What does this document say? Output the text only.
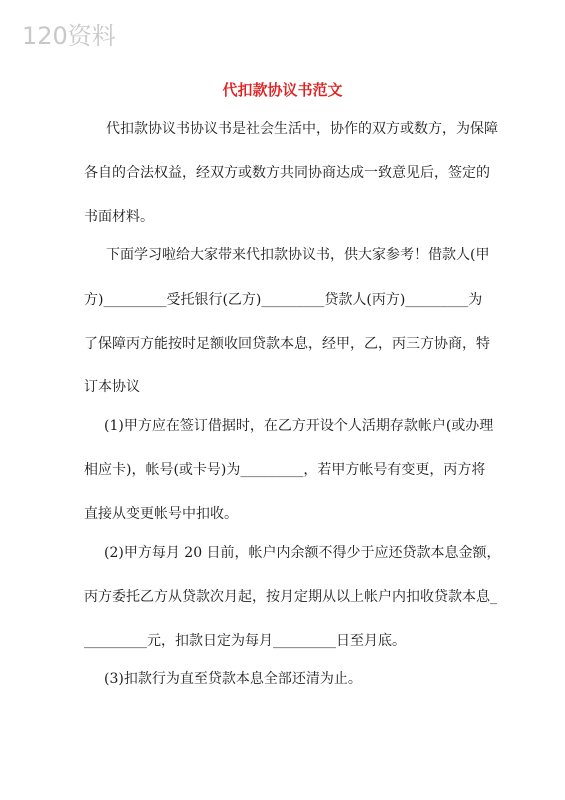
120资料
代扣款协议书范文
代扣款协议书协议书是社会生活中，协作的双方或数方，为保障
各自的合法权益，经双方或数方共同协商达成一致意见后，签定的
书面材料。
下面学习啦给大家带来代扣款协议书，供大家参考！借款人(甲
方)_________受托银行(乙方)_________贷款人(丙方)_________为
了保障丙方能按时足额收回贷款本息，经甲，乙，丙三方协商，特
订本协议
(1)甲方应在签订借据时，在乙方开设个人活期存款帐户(或办理
相应卡)，帐号(或卡号)为_________，若甲方帐号有变更，丙方将
直接从变更帐号中扣收。
(2)甲方每月 20 日前，帐户内余额不得少于应还贷款本息金额，
丙方委托乙方从贷款次月起，按月定期从以上帐户内扣收贷款本息_
_________元，扣款日定为每月_________日至月底。
(3)扣款行为直至贷款本息全部还清为止。
